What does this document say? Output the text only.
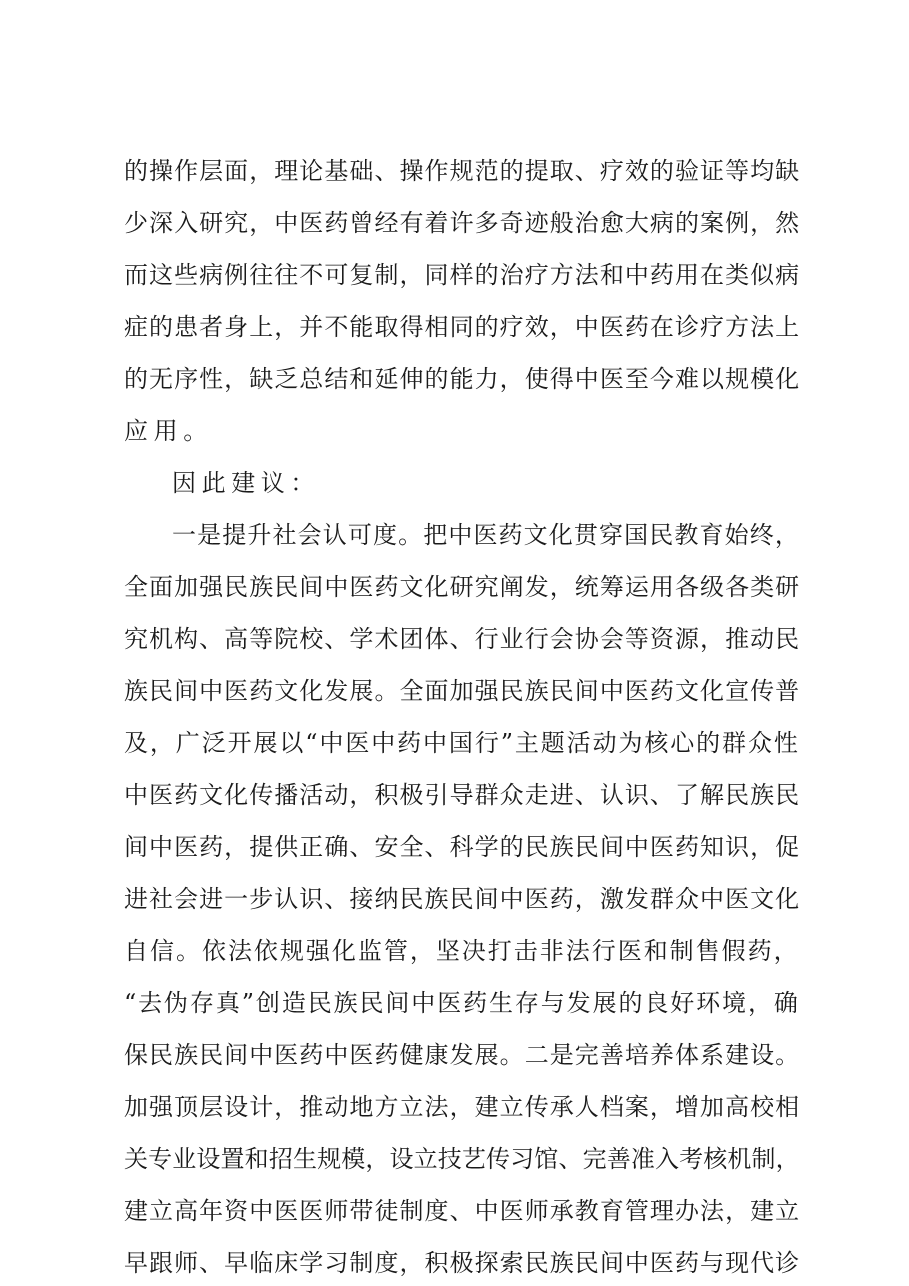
的操作层面，理论基础、操作规范的提取、疗效的验证等均缺
少深入研究，中医药曾经有着许多奇迹般治愈大病的案例，然
而这些病例往往不可复制，同样的治疗方法和中药用在类似病
症的患者身上，并不能取得相同的疗效，中医药在诊疗方法上
的无序性，缺乏总结和延伸的能力，使得中医至今难以规模化
应用。
因此建议：
一是提升社会认可度。把中医药文化贯穿国民教育始终，
全面加强民族民间中医药文化研究阐发，统筹运用各级各类研
究机构、高等院校、学术团体、行业行会协会等资源，推动民
族民间中医药文化发展。全面加强民族民间中医药文化宣传普
及，广泛开展以“中医中药中国行”主题活动为核心的群众性
中医药文化传播活动，积极引导群众走进、认识、了解民族民
间中医药，提供正确、安全、科学的民族民间中医药知识，促
进社会进一步认识、接纳民族民间中医药，激发群众中医文化
自信。依法依规强化监管，坚决打击非法行医和制售假药，
“去伪存真”创造民族民间中医药生存与发展的良好环境，确
保民族民间中医药中医药健康发展。二是完善培养体系建设。
加强顶层设计，推动地方立法，建立传承人档案，增加高校相
关专业设置和招生规模，设立技艺传习馆、完善准入考核机制，
建立高年资中医医师带徒制度、中医师承教育管理办法，建立
早跟师、早临床学习制度，积极探索民族民间中医药与现代诊
